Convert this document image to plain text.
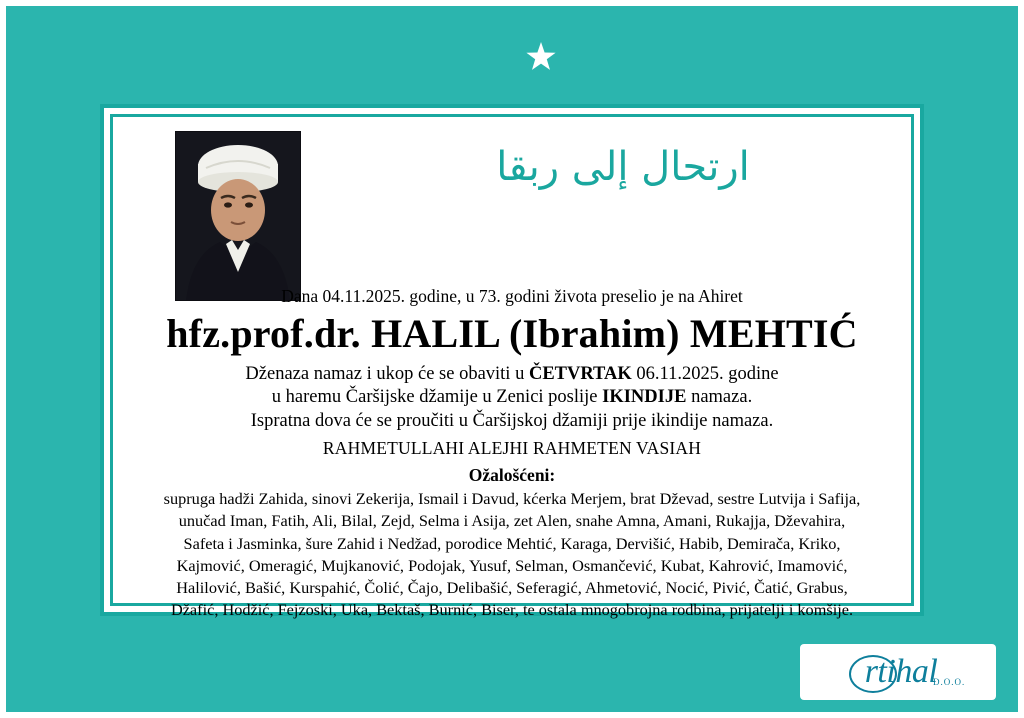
ارتحال إلى ربقا
Dana 04.11.2025. godine, u 73. godini života preselio je na Ahiret
hfz.prof.dr. HALIL (Ibrahim) MEHTIĆ
Dženaza namaz i ukop će se obaviti u ČETVRTAK 06.11.2025. godine
u haremu Čaršijske džamije u Zenici poslije IKINDIJE namaza.
Ispratna dova će se proučiti u Čaršijskoj džamiji prije ikindije namaza.
RAHMETULLAHI ALEJHI RAHMETEN VASIAH
Ožalošćeni:
supruga hadži Zahida, sinovi Zekerija, Ismail i Davud, kćerka Merjem, brat Dževad, sestre Lutvija i Safija,
unučad Iman, Fatih, Ali, Bilal, Zejd, Selma i Asija, zet Alen, snahe Amna, Amani, Rukajja, Dževahira,
Safeta i Jasminka, šure Zahid i Nedžad, porodice Mehtić, Karaga, Dervišić, Habib, Demirača, Kriko,
Kajmović, Omeragić, Mujkanović, Podojak, Yusuf, Selman, Osmančević, Kubat, Kahrović, Imamović,
Halilović, Bašić, Kurspahić, Čolić, Čajo, Delibašić, Seferagić, Ahmetović, Nocić, Pivić, Čatić, Grabus,
Džafić, Hodžić, Fejzoski, Uka, Bektaš, Burnić, Biser, te ostala mnogobrojna rodbina, prijatelji i komšije.
rtihal
D.O.O.
